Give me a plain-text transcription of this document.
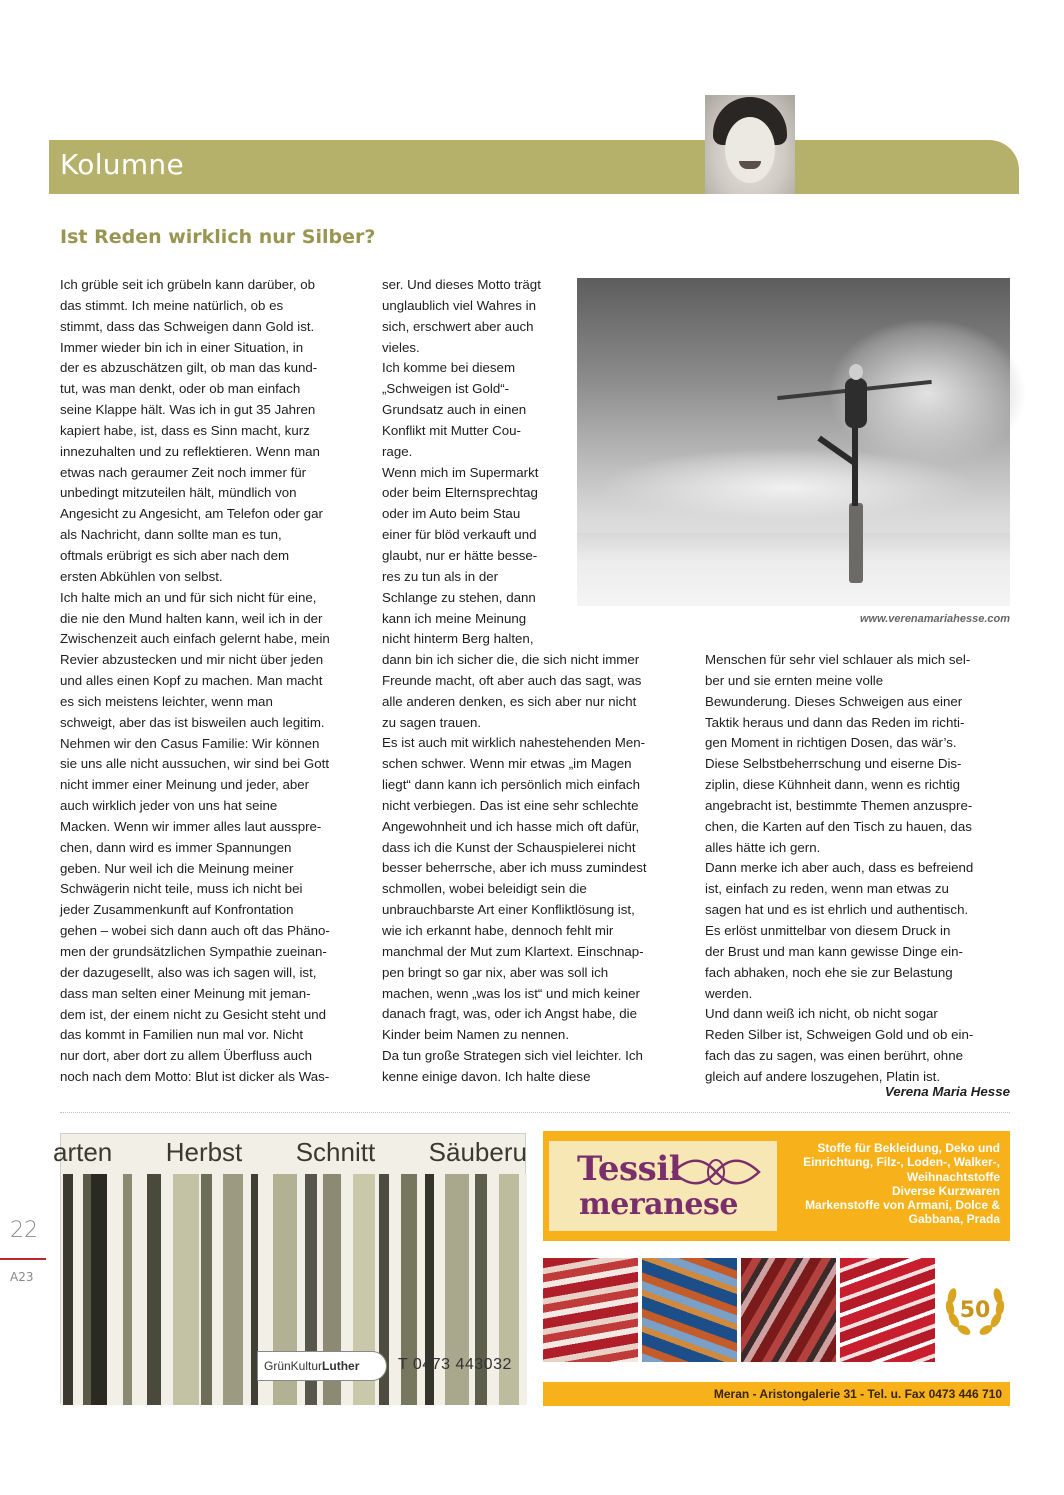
Kolumne
Ist Reden wirklich nur Silber?
Ich grüble seit ich grübeln kann darüber, ob
das stimmt. Ich meine natürlich, ob es
stimmt, dass das Schweigen dann Gold ist.
Immer wieder bin ich in einer Situation, in
der es abzuschätzen gilt, ob man das kund-
tut, was man denkt, oder ob man einfach
seine Klappe hält. Was ich in gut 35 Jahren
kapiert habe, ist, dass es Sinn macht, kurz
innezuhalten und zu reflektieren. Wenn man
etwas nach geraumer Zeit noch immer für
unbedingt mitzuteilen hält, mündlich von
Angesicht zu Angesicht, am Telefon oder gar
als Nachricht, dann sollte man es tun,
oftmals erübrigt es sich aber nach dem
ersten Abkühlen von selbst.
Ich halte mich an und für sich nicht für eine,
die nie den Mund halten kann, weil ich in der
Zwischenzeit auch einfach gelernt habe, mein
Revier abzustecken und mir nicht über jeden
und alles einen Kopf zu machen. Man macht
es sich meistens leichter, wenn man
schweigt, aber das ist bisweilen auch legitim.
Nehmen wir den Casus Familie: Wir können
sie uns alle nicht aussuchen, wir sind bei Gott
nicht immer einer Meinung und jeder, aber
auch wirklich jeder von uns hat seine
Macken. Wenn wir immer alles laut ausspre-
chen, dann wird es immer Spannungen
geben. Nur weil ich die Meinung meiner
Schwägerin nicht teile, muss ich nicht bei
jeder Zusammenkunft auf Konfrontation
gehen – wobei sich dann auch oft das Phäno-
men der grundsätzlichen Sympathie zueinan-
der dazugesellt, also was ich sagen will, ist,
dass man selten einer Meinung mit jeman-
dem ist, der einem nicht zu Gesicht steht und
das kommt in Familien nun mal vor. Nicht
nur dort, aber dort zu allem Überfluss auch
noch nach dem Motto: Blut ist dicker als Was-
ser. Und dieses Motto trägt
unglaublich viel Wahres in
sich, erschwert aber auch
vieles.
Ich komme bei diesem
„Schweigen ist Gold“-
Grundsatz auch in einen
Konflikt mit Mutter Cou-
rage.
Wenn mich im Supermarkt
oder beim Elternsprechtag
oder im Auto beim Stau
einer für blöd verkauft und
glaubt, nur er hätte besse-
res zu tun als in der
Schlange zu stehen, dann
kann ich meine Meinung
nicht hinterm Berg halten,
www.verenamariahesse.com
dann bin ich sicher die, die sich nicht immer
Freunde macht, oft aber auch das sagt, was
alle anderen denken, es sich aber nur nicht
zu sagen trauen.
Es ist auch mit wirklich nahestehenden Men-
schen schwer. Wenn mir etwas „im Magen
liegt“ dann kann ich persönlich mich einfach
nicht verbiegen. Das ist eine sehr schlechte
Angewohnheit und ich hasse mich oft dafür,
dass ich die Kunst der Schauspielerei nicht
besser beherrsche, aber ich muss zumindest
schmollen, wobei beleidigt sein die
unbrauchbarste Art einer Konfliktlösung ist,
wie ich erkannt habe, dennoch fehlt mir
manchmal der Mut zum Klartext. Einschnap-
pen bringt so gar nix, aber was soll ich
machen, wenn „was los ist“ und mich keiner
danach fragt, was, oder ich Angst habe, die
Kinder beim Namen zu nennen.
Da tun große Strategen sich viel leichter. Ich
kenne einige davon. Ich halte diese
Menschen für sehr viel schlauer als mich sel-
ber und sie ernten meine volle
Bewunderung. Dieses Schweigen aus einer
Taktik heraus und dann das Reden im richti-
gen Moment in richtigen Dosen, das wär’s.
Diese Selbstbeherrschung und eiserne Dis-
ziplin, diese Kühnheit dann, wenn es richtig
angebracht ist, bestimmte Themen anzuspre-
chen, die Karten auf den Tisch zu hauen, das
alles hätte ich gern.
Dann merke ich aber auch, dass es befreiend
ist, einfach zu reden, wenn man etwas zu
sagen hat und es ist ehrlich und authentisch.
Es erlöst unmittelbar von diesem Druck in
der Brust und man kann gewisse Dinge ein-
fach abhaken, noch ehe sie zur Belastung
werden.
Und dann weiß ich nicht, ob nicht sogar
Reden Silber ist, Schweigen Gold und ob ein-
fach das zu sagen, was einen berührt, ohne
gleich auf andere loszugehen, Platin ist.
Verena Maria Hesse
arten Herbst Schnitt Säuberu
GrünKultur Luther T 0473 443032
Tessil
meranese
Stoffe für Bekleidung, Deko und
Einrichtung, Filz-, Loden-, Walker-,
Weihnachtstoffe
Diverse Kurzwaren
Markenstoffe von Armani, Dolce &
Gabbana, Prada
50
Meran - Aristongalerie 31 - Tel. u. Fax 0473 446 710
22
A23
